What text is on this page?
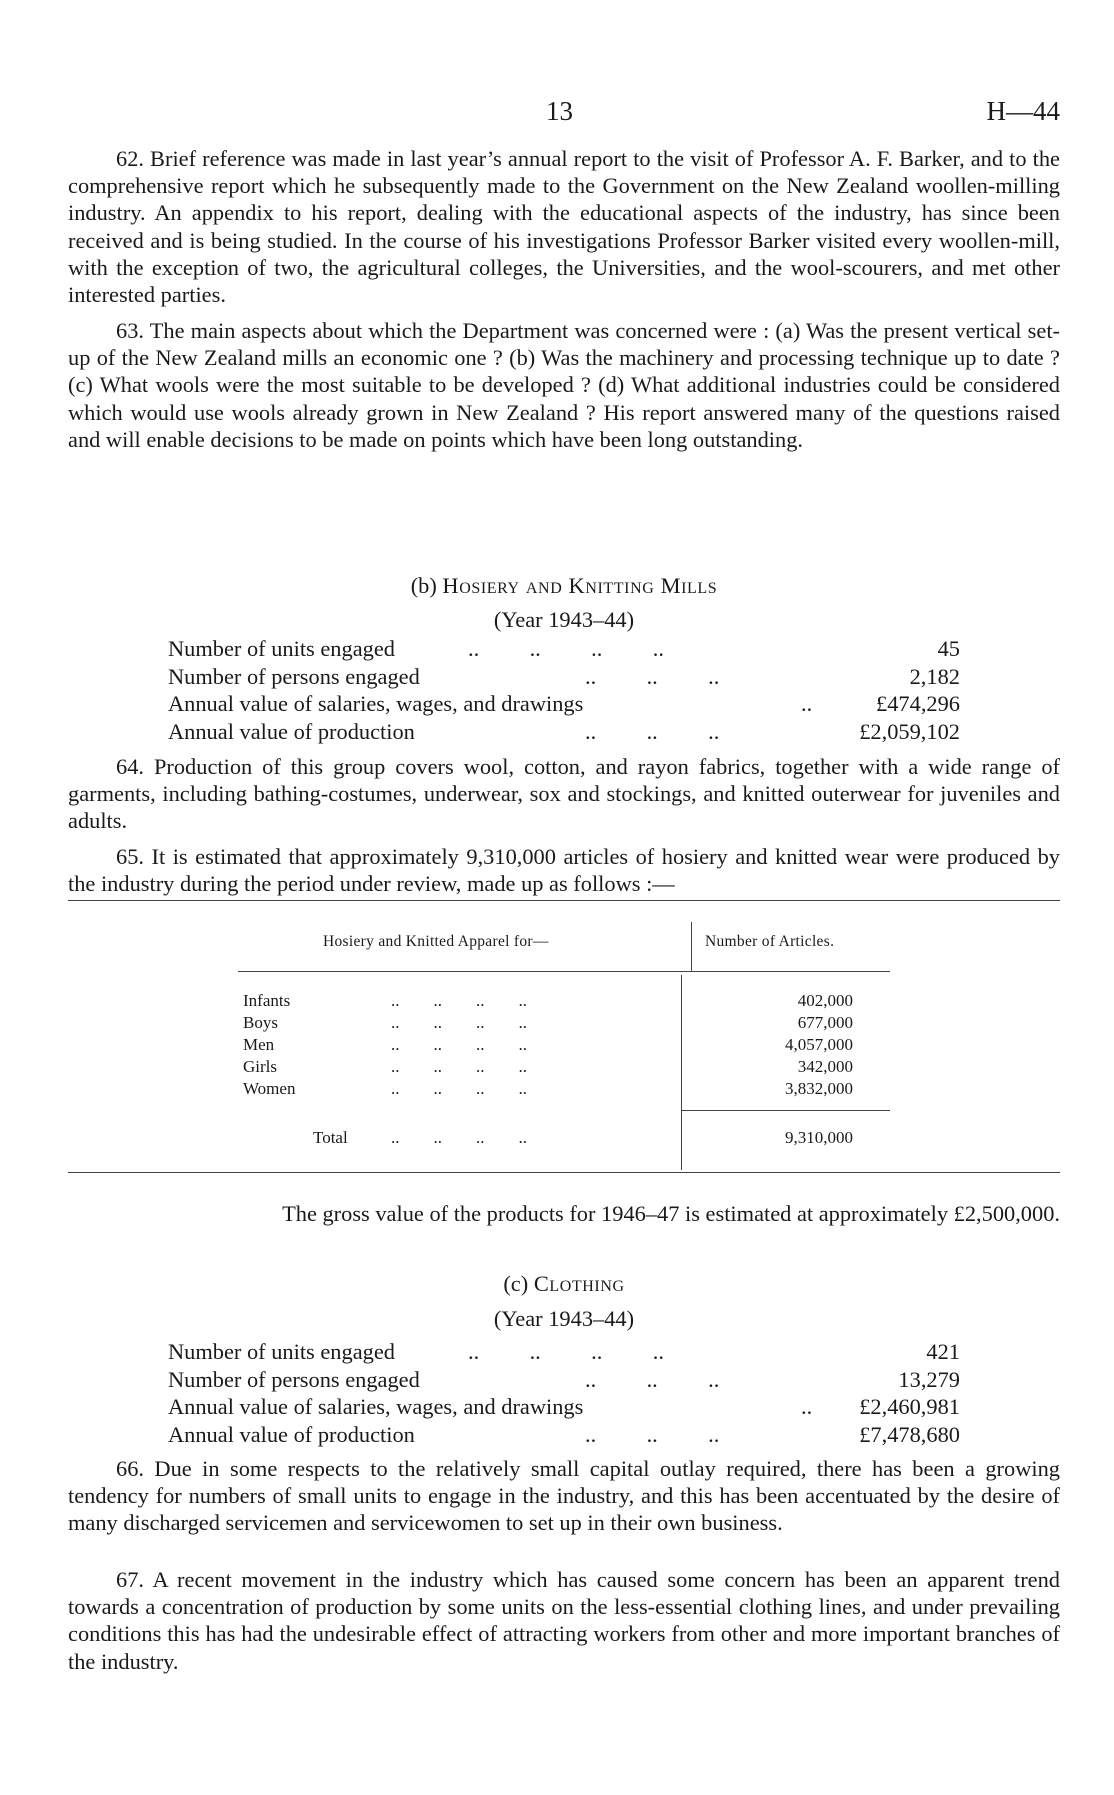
13	H—44

62. Brief reference was made in last year’s annual report to the visit of Professor A. F. Barker, and to the comprehensive report which he subsequently made to the Government on the New Zealand woollen-milling industry. An appendix to his report, dealing with the educational aspects of the industry, has since been received and is being studied. In the course of his investigations Professor Barker visited every woollen-mill, with the exception of two, the agricultural colleges, the Universities, and the wool-scourers, and met other interested parties.

63. The main aspects about which the Department was concerned were : (a) Was the present vertical set-up of the New Zealand mills an economic one ? (b) Was the machinery and processing technique up to date ? (c) What wools were the most suitable to be developed ? (d) What additional industries could be considered which would use wools already grown in New Zealand ? His report answered many of the questions raised and will enable decisions to be made on points which have been long outstanding.

(b) Hosiery and Knitting Mills
(Year 1943–44)
Number of units engaged	..         ..         ..         ..	45
Number of persons engaged	..         ..         ..	2,182
Annual value of salaries, wages, and drawings	..	£474,296
Annual value of production	..         ..         ..	£2,059,102

64. Production of this group covers wool, cotton, and rayon fabrics, together with a wide range of garments, including bathing-costumes, underwear, sox and stockings, and knitted outerwear for juveniles and adults.

65. It is estimated that approximately 9,310,000 articles of hosiery and knitted wear were produced by the industry during the period under review, made up as follows :—

Hosiery and Knitted Apparel for—	Number of Articles.
Infants	..        ..        ..        ..	402,000
Boys	..        ..        ..        ..	677,000
Men	..        ..        ..        ..	4,057,000
Girls	..        ..        ..        ..	342,000
Women	..        ..        ..        ..	3,832,000
Total	..        ..        ..        ..	9,310,000

The gross value of the products for 1946–47 is estimated at approximately £2,500,000.

(c) Clothing
(Year 1943–44)
Number of units engaged	..         ..         ..         ..	421
Number of persons engaged	..         ..         ..	13,279
Annual value of salaries, wages, and drawings	.. £2,460,981
Annual value of production	..         ..         ..	£7,478,680

66. Due in some respects to the relatively small capital outlay required, there has been a growing tendency for numbers of small units to engage in the industry, and this has been accentuated by the desire of many discharged servicemen and servicewomen to set up in their own business.

67. A recent movement in the industry which has caused some concern has been an apparent trend towards a concentration of production by some units on the less-essential clothing lines, and under prevailing conditions this has had the undesirable effect of attracting workers from other and more important branches of the industry.
